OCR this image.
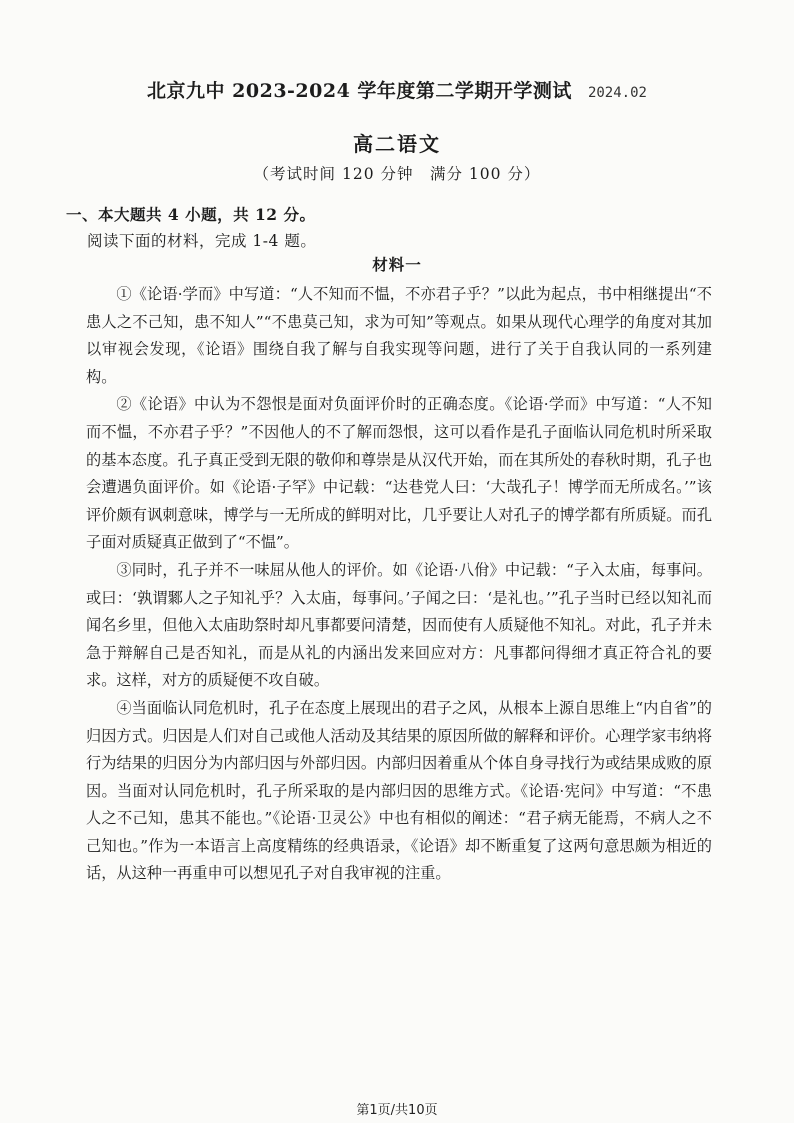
北京九中 2023-2024 学年度第二学期开学测试 2024.02
高二语文
（考试时间 120 分钟　满分 100 分）
一、本大题共 4 小题，共 12 分。
阅读下面的材料，完成 1-4 题。
材料一

①《论语·学而》中写道：“人不知而不愠，不亦君子乎？”以此为起点，书中相继提出“不患人之不己知，患不知人”“不患莫己知，求为可知”等观点。如果从现代心理学的角度对其加以审视会发现，《论语》围绕自我了解与自我实现等问题，进行了关于自我认同的一系列建构。

②《论语》中认为不怨恨是面对负面评价时的正确态度。《论语·学而》中写道：“人不知而不愠，不亦君子乎？”不因他人的不了解而怨恨，这可以看作是孔子面临认同危机时所采取的基本态度。孔子真正受到无限的敬仰和尊崇是从汉代开始，而在其所处的春秋时期，孔子也会遭遇负面评价。如《论语·子罕》中记载：“达巷党人曰：‘大哉孔子！博学而无所成名。’”该评价颇有讽刺意味，博学与一无所成的鲜明对比，几乎要让人对孔子的博学都有所质疑。而孔子面对质疑真正做到了“不愠”。

③同时，孔子并不一味屈从他人的评价。如《论语·八佾》中记载：“子入太庙，每事问。或曰：‘孰谓鄹人之子知礼乎？入太庙，每事问。’子闻之曰：‘是礼也。’”孔子当时已经以知礼而闻名乡里，但他入太庙助祭时却凡事都要问清楚，因而使有人质疑他不知礼。对此，孔子并未急于辩解自己是否知礼，而是从礼的内涵出发来回应对方：凡事都问得细才真正符合礼的要求。这样，对方的质疑便不攻自破。

④当面临认同危机时，孔子在态度上展现出的君子之风，从根本上源自思维上“内自省”的归因方式。归因是人们对自己或他人活动及其结果的原因所做的解释和评价。心理学家韦纳将行为结果的归因分为内部归因与外部归因。内部归因着重从个体自身寻找行为或结果成败的原因。当面对认同危机时，孔子所采取的是内部归因的思维方式。《论语·宪问》中写道：“不患人之不己知，患其不能也。”《论语·卫灵公》中也有相似的阐述：“君子病无能焉，不病人之不己知也。”作为一本语言上高度精练的经典语录，《论语》却不断重复了这两句意思颇为相近的话，从这种一再重申可以想见孔子对自我审视的注重。

第1页/共10页
